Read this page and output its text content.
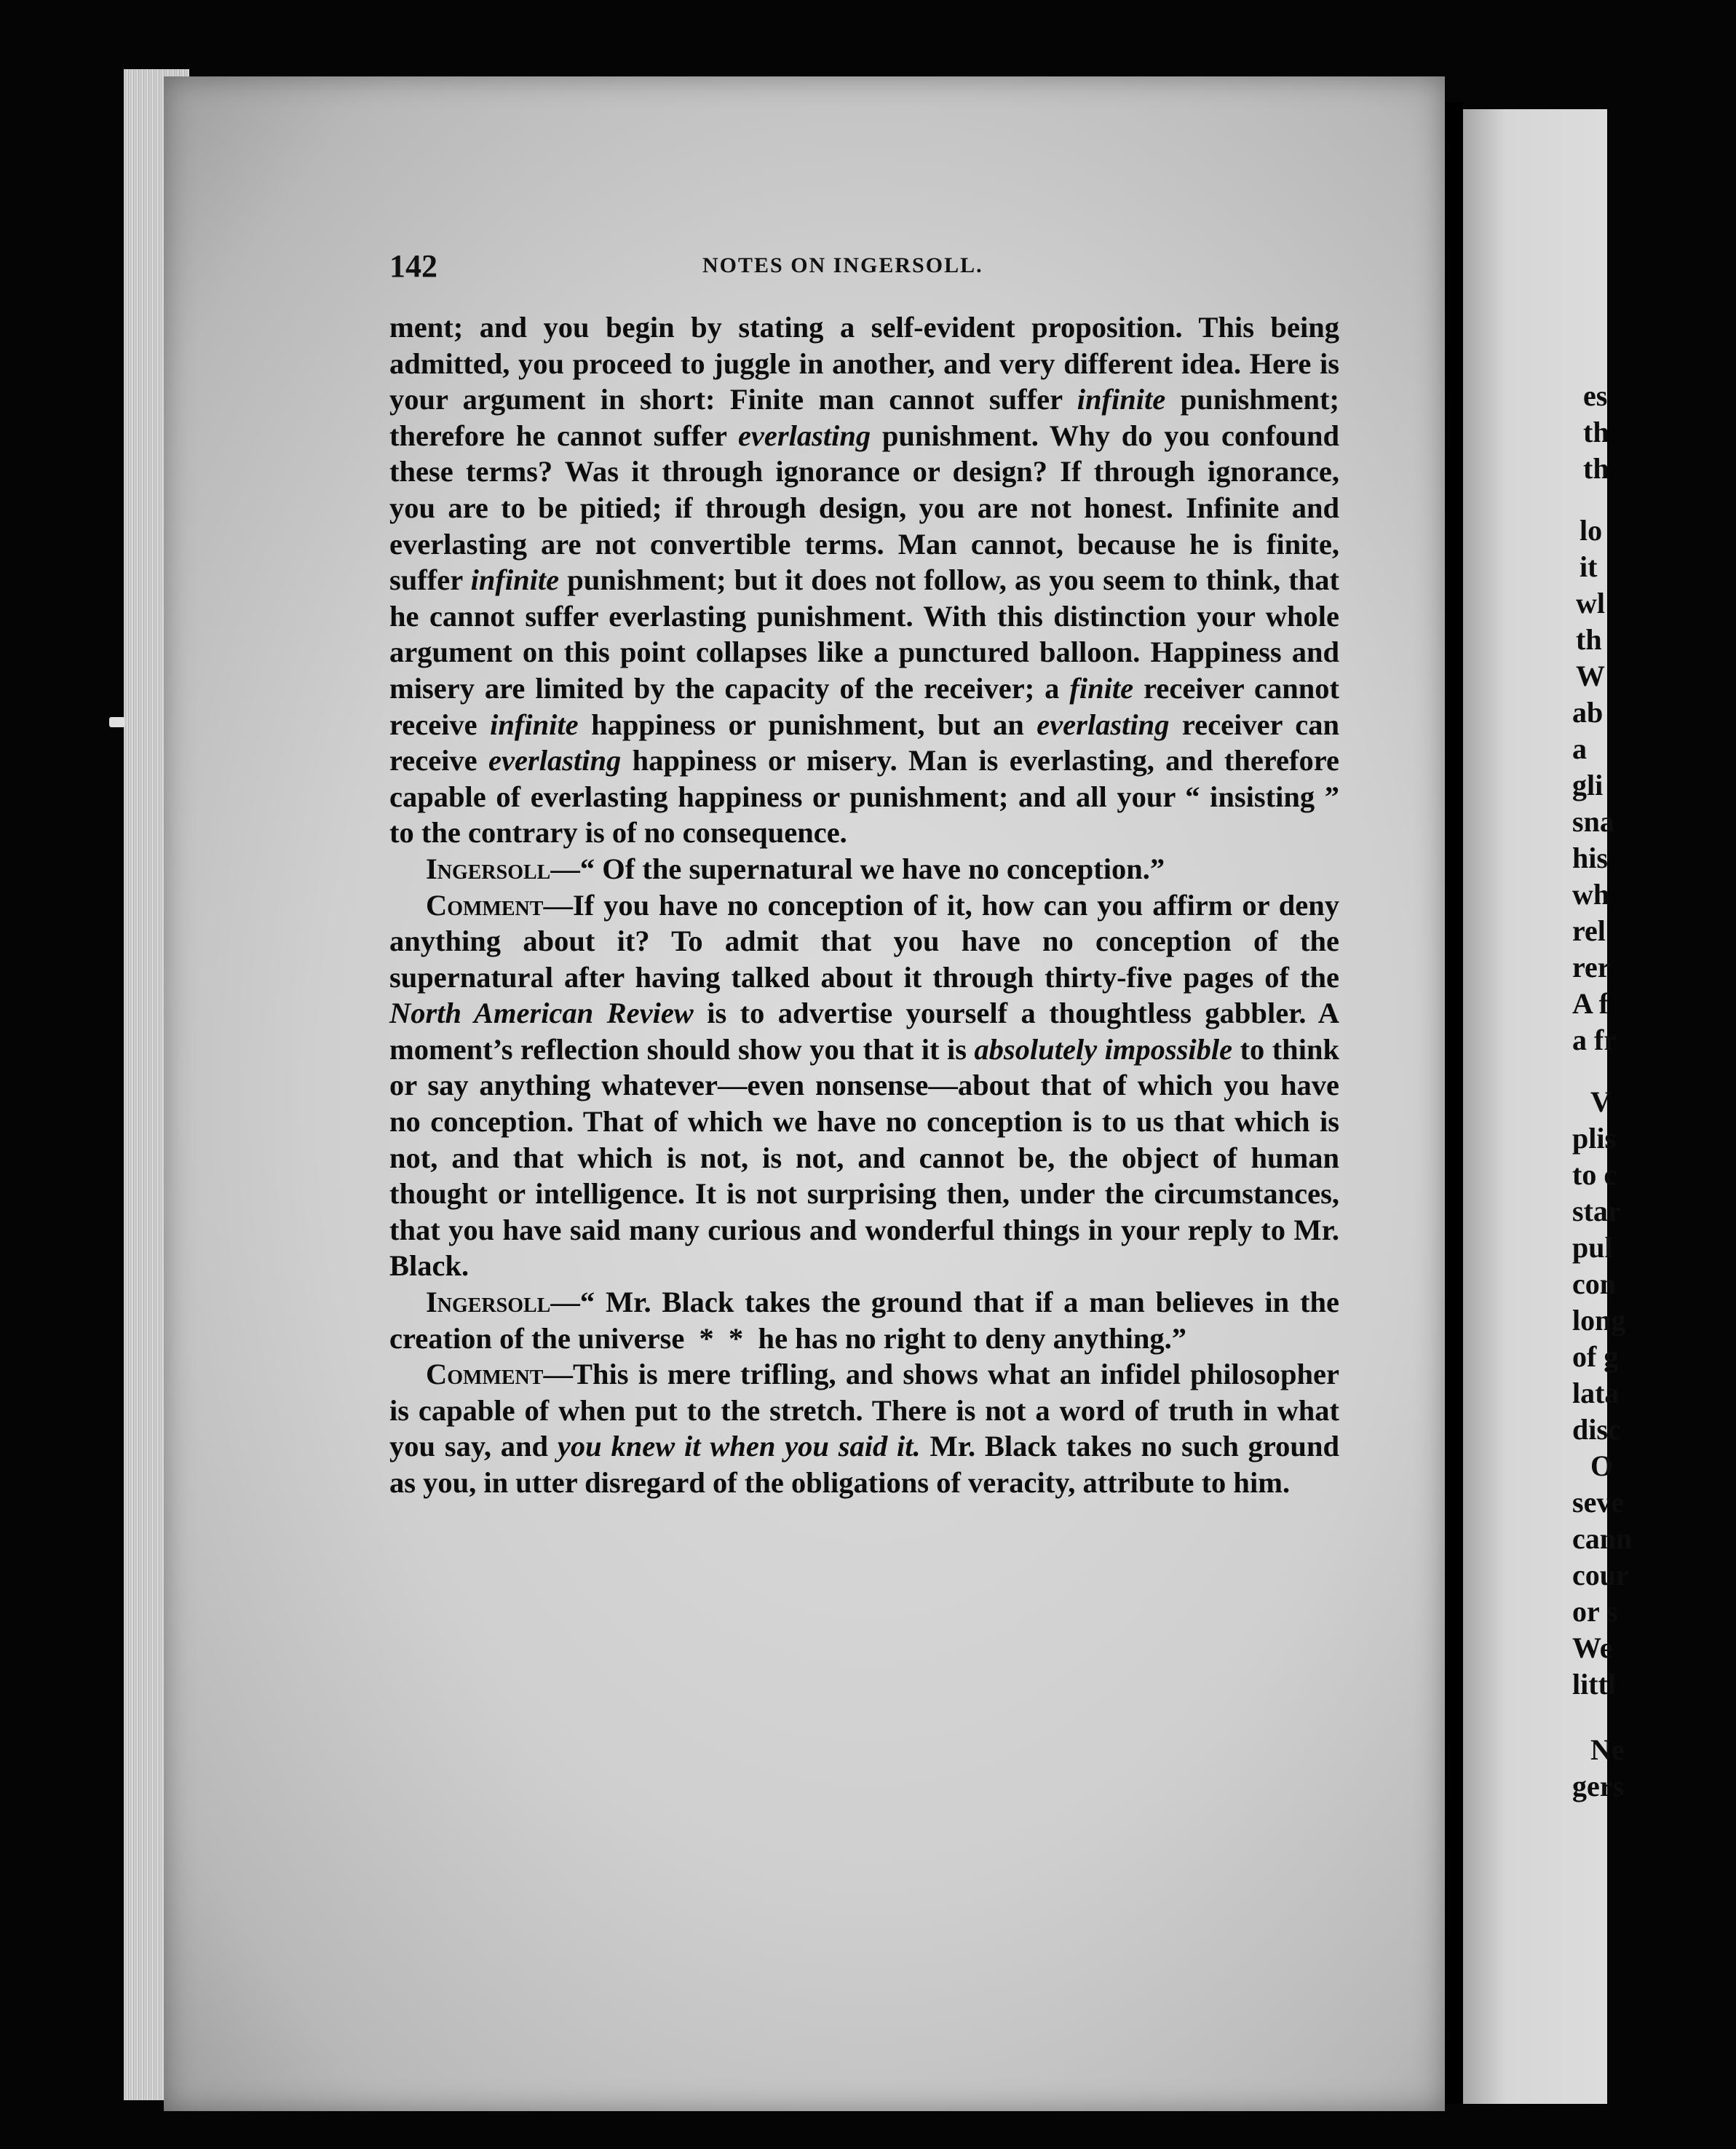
142	NOTES ON INGERSOLL.

ment; and you begin by stating a self-evident proposition. This being admitted, you proceed to juggle in another, and very different idea. Here is your argument in short: Finite man cannot suffer infinite punishment; therefore he cannot suffer everlasting punishment. Why do you confound these terms? Was it through ignorance or design? If through ignorance, you are to be pitied; if through design, you are not honest. Infinite and everlasting are not convertible terms. Man cannot, because he is finite, suffer infinite punishment; but it does not follow, as you seem to think, that he cannot suffer everlasting punishment. With this distinction your whole argument on this point collapses like a punctured balloon. Happiness and misery are limited by the capacity of the receiver; a finite receiver cannot receive infinite happiness or punishment, but an everlasting receiver can receive everlasting happiness or misery. Man is everlasting, and therefore capable of everlasting happiness or punishment; and all your “ insisting ” to the contrary is of no consequence.

Ingersoll—“ Of the supernatural we have no conception.”

Comment—If you have no conception of it, how can you affirm or deny anything about it? To admit that you have no conception of the supernatural after having talked about it through thirty-five pages of the North American Review is to advertise yourself a thoughtless gabbler. A moment’s reflection should show you that it is absolutely impossible to think or say anything whatever—even nonsense—about that of which you have no conception. That of which we have no conception is to us that which is not, and that which is not, is not, and cannot be, the object of human thought or intelligence. It is not surprising then, under the circumstances, that you have said many curious and wonderful things in your reply to Mr. Black.

Ingersoll—“ Mr. Black takes the ground that if a man believes in the creation of the universe  *  *  he has no right to deny anything.”

Comment—This is mere trifling, and shows what an infidel philosopher is capable of when put to the stretch. There is not a word of truth in what you say, and you knew it when you said it. Mr. Black takes no such ground as you, in utter disregard of the obligations of veracity, attribute to him.

es
th
th
lo
it
wl
th
W
ab
a
gli
sna
his
wh
rel
rer
A f
a fr
V
plis
to c
star
pul
con
long
of g
lata
disc
O
seve
cann
cour
or s
We
littl
Ne
gers
